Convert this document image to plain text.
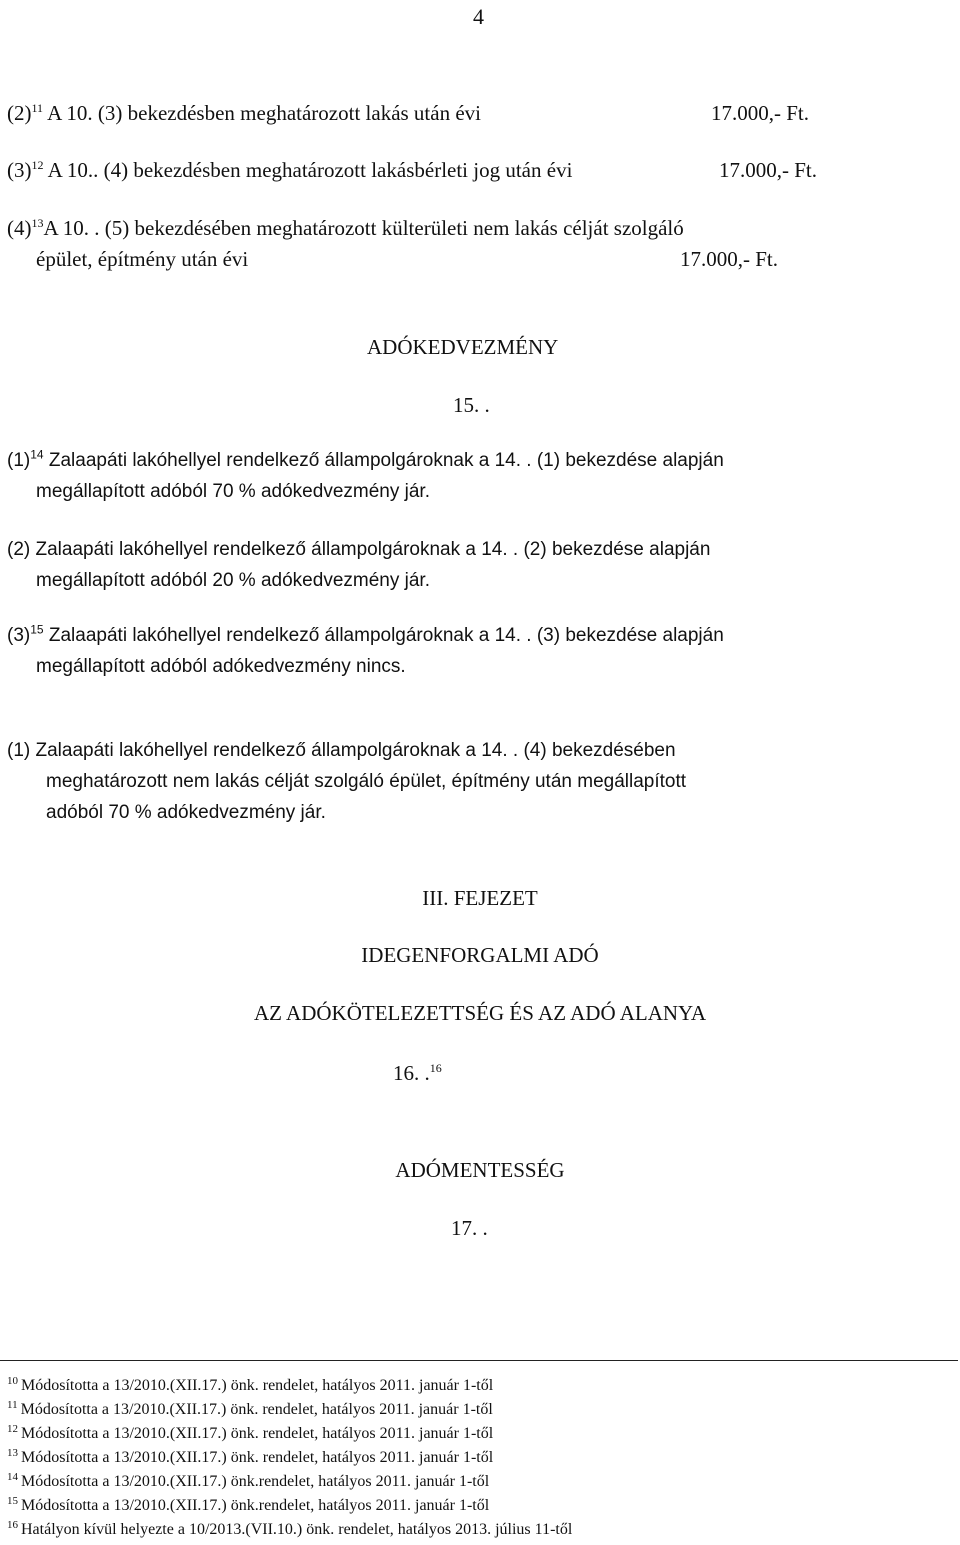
4
$(2)^{11}$ A 10. (3) bekezdésben meghatározott lakás után évi	17.000,- Ft.
$(3)^{12}$ A 10.. (4) bekezdésben meghatározott lakásbérleti jog után évi	17.000,- Ft.
$(4)^{13}A$ 10. . (5) bekezdésében meghatározott külterületi nem lakás célját szolgáló
épület, építmény után évi	17.000,- Ft.
ADÓKEDVEZMÉNY
15. .
$(1)^{14}$ Zalaapáti lakóhellyel rendelkező állampolgároknak a 14. . (1) bekezdése alapján
megállapított adóból 70 % adókedvezmény jár.
(2) Zalaapáti lakóhellyel rendelkező állampolgároknak a 14. . (2) bekezdése alapján
megállapított adóból 20 % adókedvezmény jár.
$(3)^{15}$ Zalaapáti lakóhellyel rendelkező állampolgároknak a 14. . (3) bekezdése alapján
megállapított adóból adókedvezmény nincs.
(1) Zalaapáti lakóhellyel rendelkező állampolgároknak a 14. . (4) bekezdésében
meghatározott nem lakás célját szolgáló épület, építmény után megállapított
adóból 70 % adókedvezmény jár.
III. FEJEZET
IDEGENFORGALMI ADÓ
AZ ADÓKÖTELEZETTSÉG ÉS AZ ADÓ ALANYA
16. .$^{16}$
ADÓMENTESSÉG
17. .
$^{10}$ Módosította a 13/2010.(XII.17.) önk. rendelet, hatályos 2011. január 1-től
$^{11}$ Módosította a 13/2010.(XII.17.) önk. rendelet, hatályos 2011. január 1-től
$^{12}$ Módosította a 13/2010.(XII.17.) önk. rendelet, hatályos 2011. január 1-től
$^{13}$ Módosította a 13/2010.(XII.17.) önk. rendelet, hatályos 2011. január 1-től
$^{14}$ Módosította a 13/2010.(XII.17.) önk.rendelet, hatályos 2011. január 1-től
$^{15}$ Módosította a 13/2010.(XII.17.) önk.rendelet, hatályos 2011. január 1-től
$^{16}$ Hatályon kívül helyezte a 10/2013.(VII.10.) önk. rendelet, hatályos 2013. július 11-től
